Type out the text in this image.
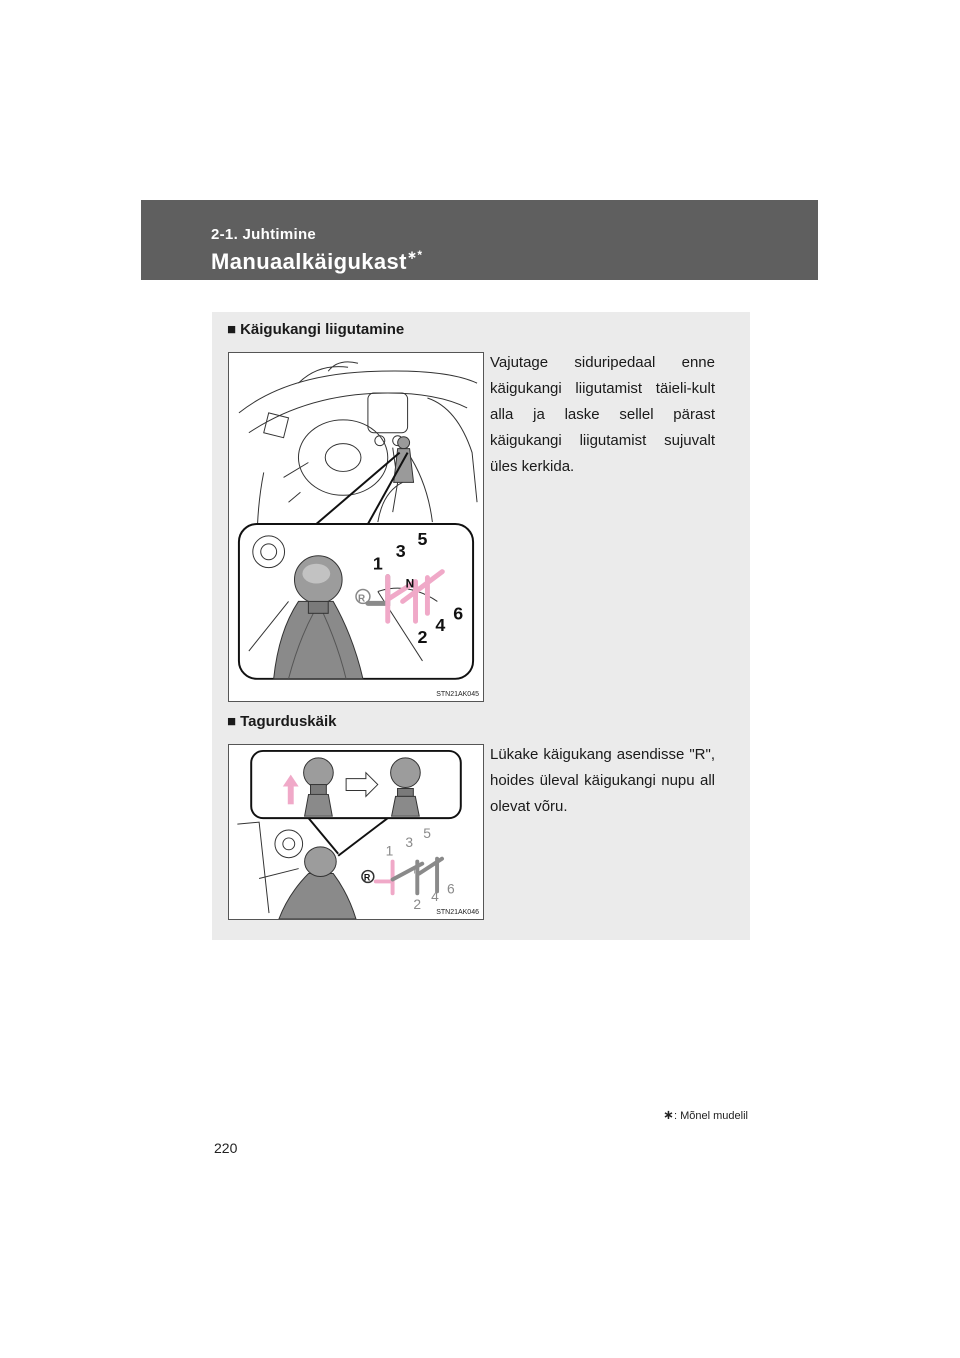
2-1. Juhtimine
Manuaalkäigukast∗*
■ Käigukangi liigutamine
R
1
3
5
N
2
4
6
STN21AK045
Vajutage siduripedaal enne käigukangi liigutamist täieli-kult alla ja laske sellel pärast käigukangi liigutamist sujuvalt üles kerkida.
■ Tagurduskäik
R
1
3
5
N
2 4 6
STN21AK046
Lükake käigukang asendisse "R", hoides üleval käigukangi nupu all olevat võru.
∗: Mõnel mudelil
220
